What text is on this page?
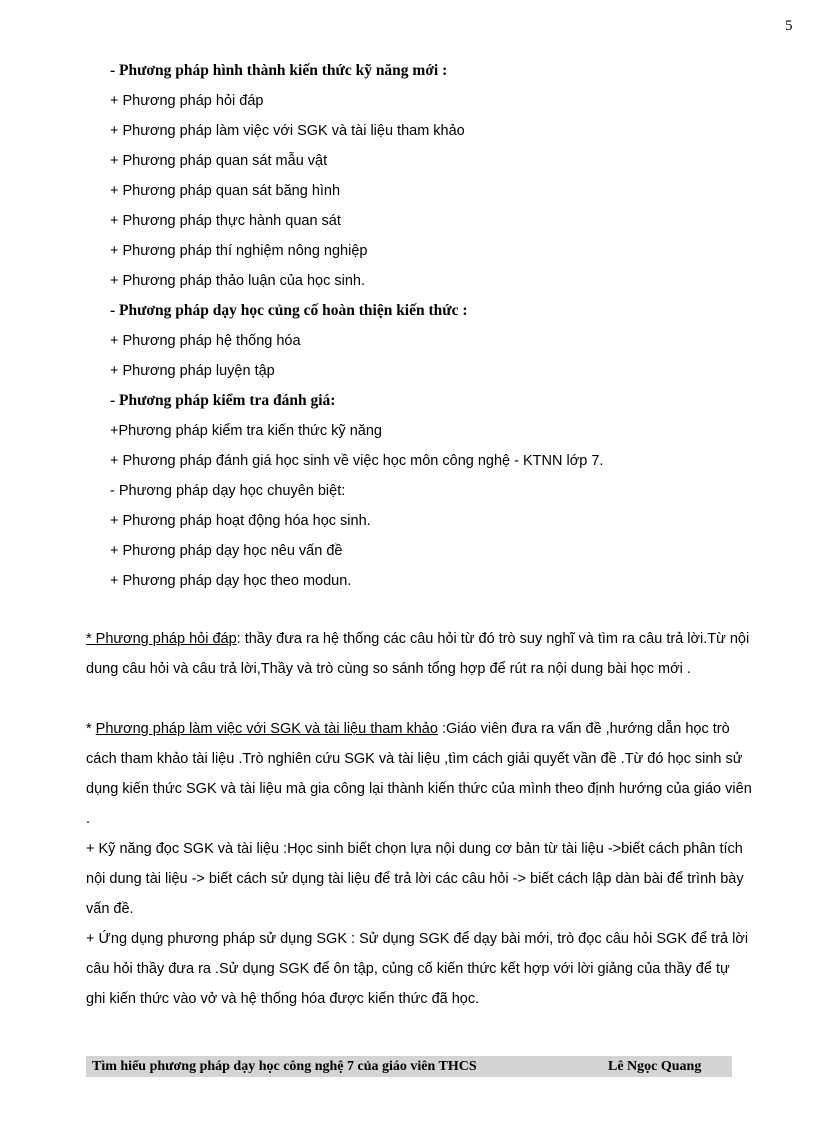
5
- Phương pháp hình thành kiến thức kỹ năng mới :
+ Phương pháp hỏi đáp
+ Phương pháp làm việc với SGK và tài liệu tham khảo
+ Phương pháp quan sát mẫu vật
+ Phương pháp quan sát băng hình
+ Phương pháp thực hành quan sát
+ Phương pháp thí nghiệm nông nghiệp
+ Phương pháp thảo luận của học sinh.
- Phương pháp dạy học củng cố hoàn thiện kiến thức :
+ Phương pháp hệ thống hóa
+ Phương pháp luyện tập
- Phương pháp kiểm tra đánh giá:
+Phương pháp kiểm tra kiến thức kỹ năng
+ Phương pháp đánh giá học sinh về việc học môn công nghệ - KTNN lớp 7.
- Phương pháp dạy học chuyên biệt:
+ Phương pháp hoạt động hóa học sinh.
+ Phương pháp dạy học nêu vấn đề
+ Phương pháp dạy học theo modun.

* Phương pháp hỏi đáp: thầy đưa ra hệ thống các câu hỏi từ đó trò suy nghĩ và tìm ra câu trả lời.Từ nội dung câu hỏi và câu trả lời,Thầy và trò cùng so sánh tổng hợp để rút ra nội dung bài học mới .

* Phương pháp làm việc với SGK và tài liệu tham khảo :Giáo viên đưa ra vấn đề ,hướng dẫn học trò cách tham khảo tài liệu .Trò nghiên cứu SGK và tài liệu ,tìm cách giải quyết vần đề .Từ đó học sinh sử dụng kiến thức SGK và tài liệu mà gia công lại thành kiến thức của mình theo định hướng của giáo viên .

+ Kỹ năng đọc SGK và tài liệu :Học sinh biết chọn lựa nội dung cơ bản từ tài liệu ->biết cách phân tích nội dung tài liệu -> biết cách sử dụng tài liệu để trả lời các câu hỏi -> biết cách lập dàn bài để trình bày vấn đề.

+ Ứng dụng phương pháp sử dụng SGK : Sử dụng SGK để dạy bài mới, trò đọc câu hỏi SGK để trả lời câu hỏi thầy đưa ra .Sử dụng SGK để ôn tập, củng cố kiến thức kết hợp với lời giảng của thầy để tự ghi kiến thức vào vở và hệ thống hóa được kiến thức đã học.

Tìm hiểu phương pháp dạy học công nghệ 7 của giáo viên THCS	Lê Ngọc Quang
